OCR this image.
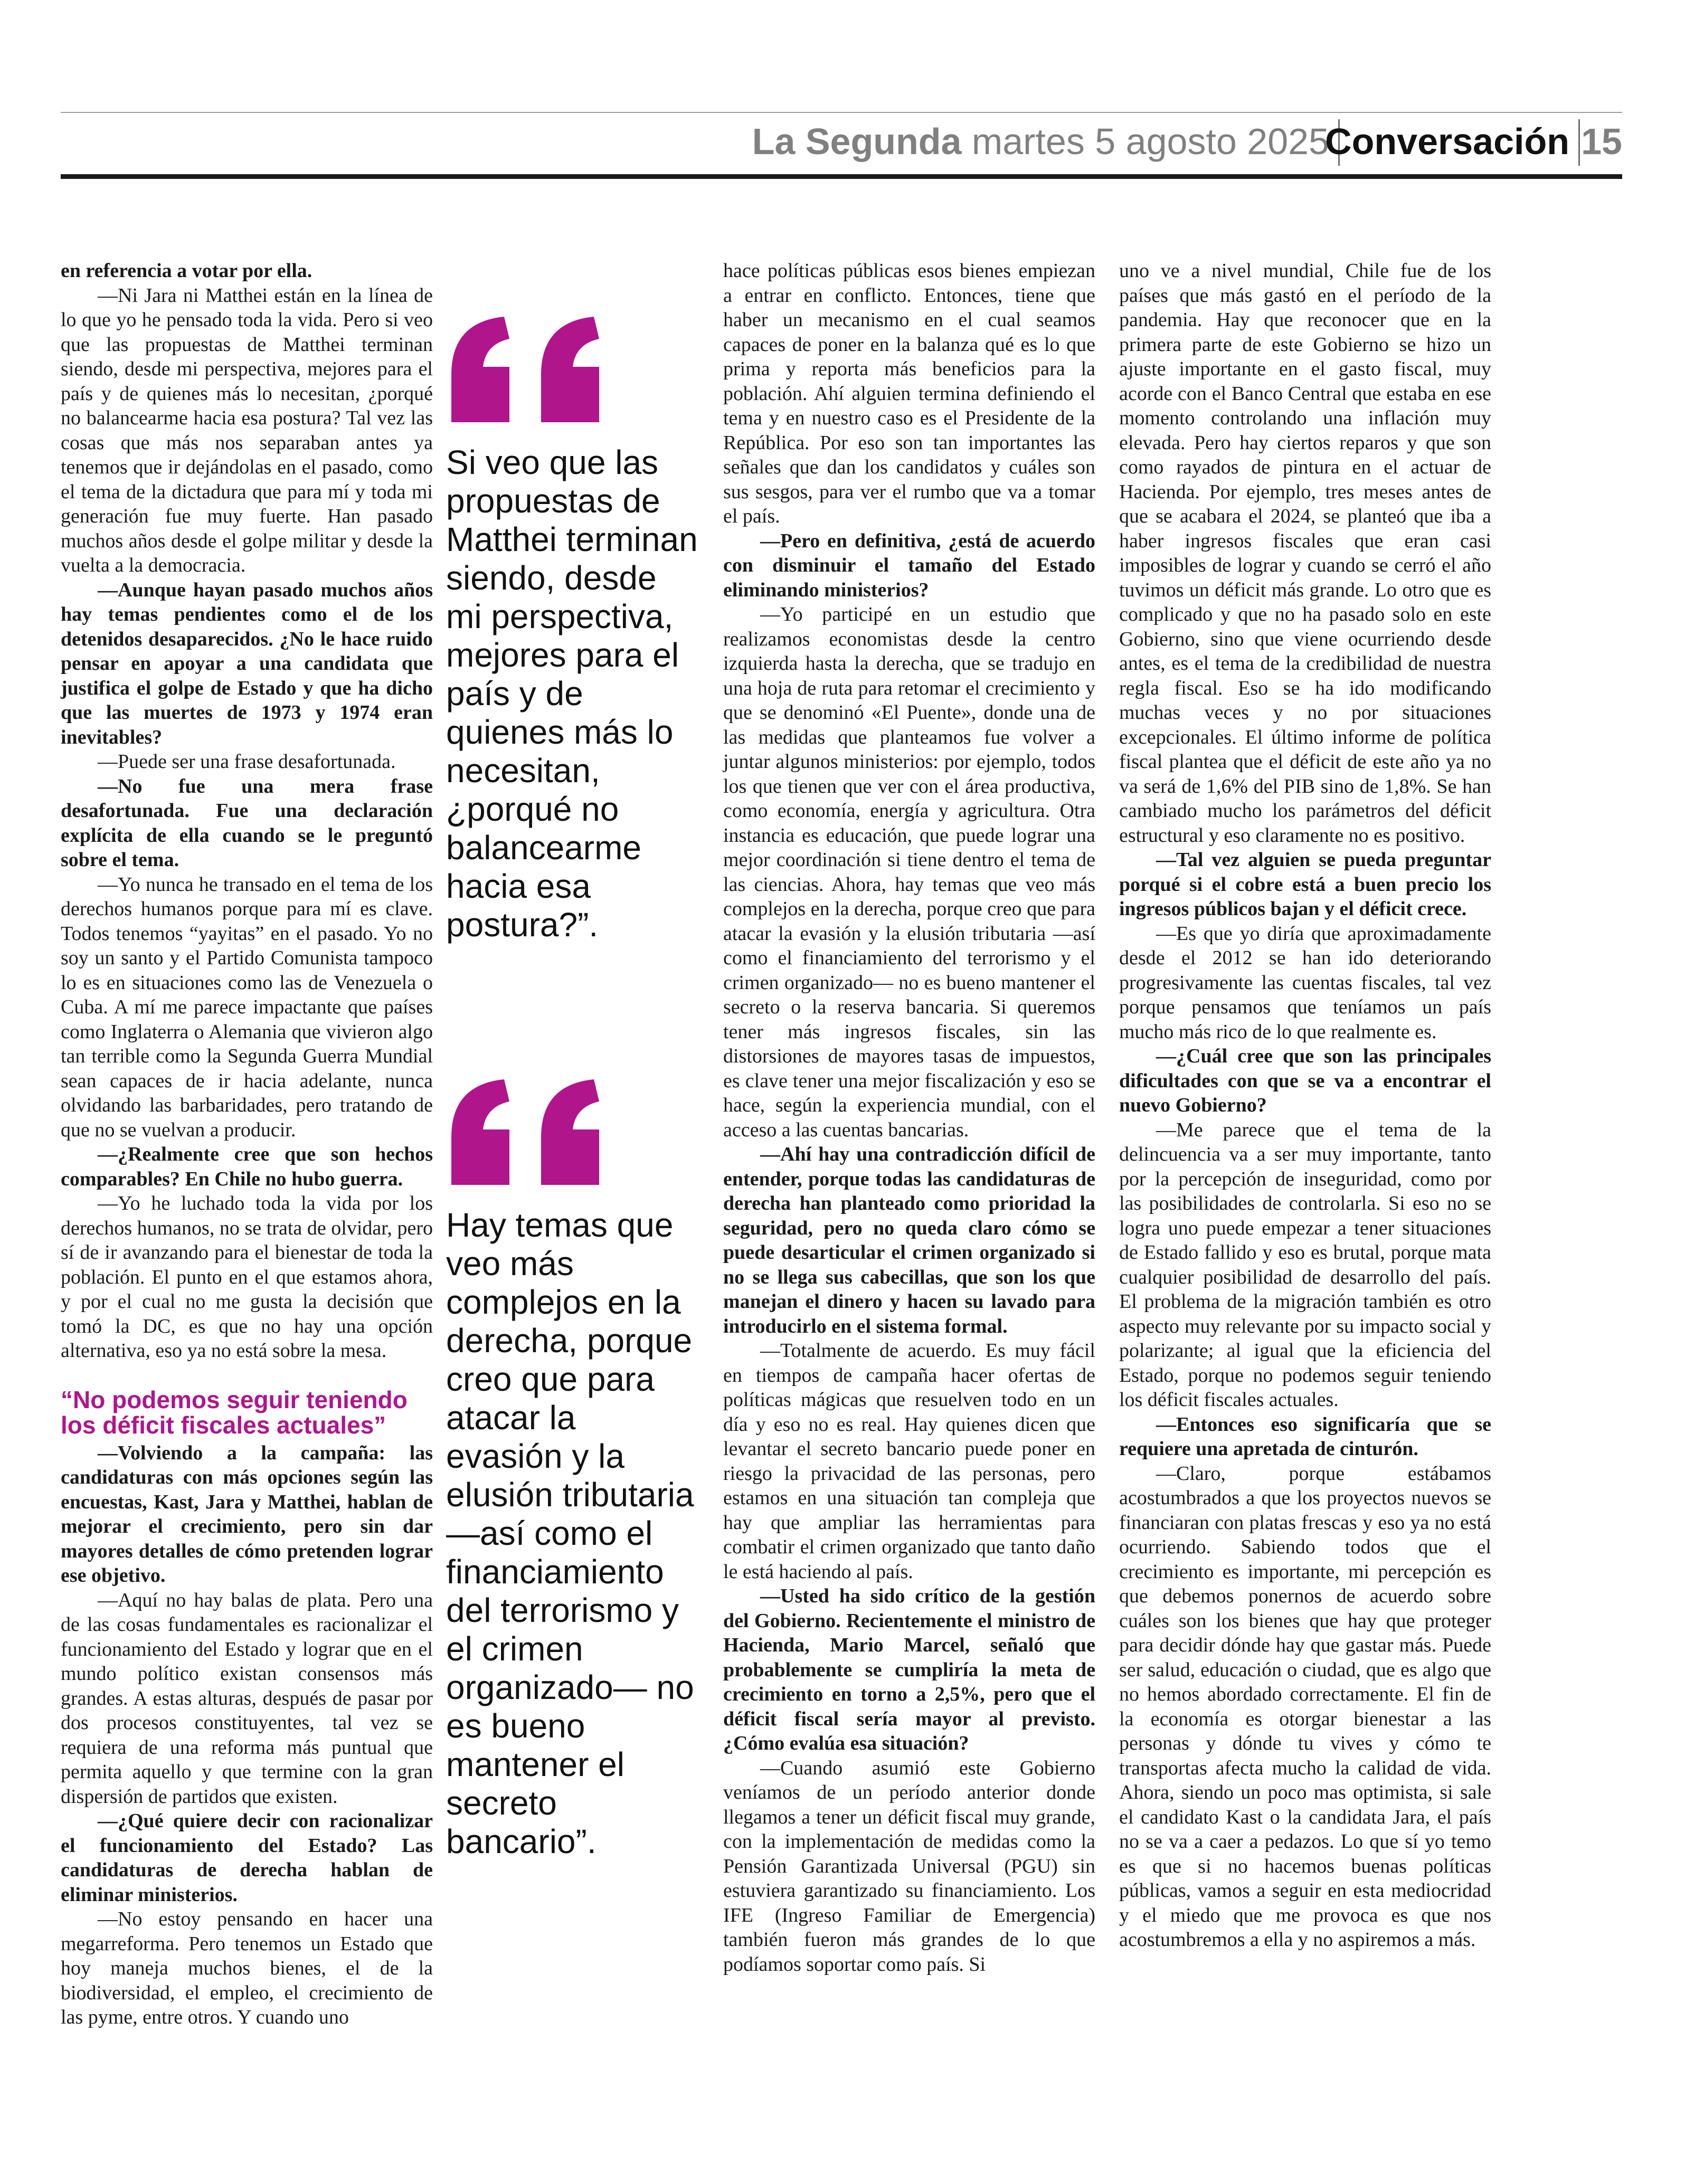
La Segunda martes 5 agosto 2025
Conversación 15

en referencia a votar por ella.

—Ni Jara ni Matthei están en la línea de lo que yo he pensado toda la vida. Pero si veo que las propuestas de Matthei terminan siendo, desde mi perspectiva, mejores para el país y de quienes más lo necesitan, ¿porqué no balancearme hacia esa postura? Tal vez las cosas que más nos separaban antes ya tenemos que ir dejándolas en el pasado, como el tema de la dictadura que para mí y toda mi generación fue muy fuerte. Han pasado muchos años desde el golpe militar y desde la vuelta a la democracia.

—Aunque hayan pasado muchos años hay temas pendientes como el de los detenidos desaparecidos. ¿No le hace ruido pensar en apoyar a una candidata que justifica el golpe de Estado y que ha dicho que las muertes de 1973 y 1974 eran inevitables?

—Puede ser una frase desafortunada.

—No fue una mera frase desafortunada. Fue una declaración explícita de ella cuando se le preguntó sobre el tema.

—Yo nunca he transado en el tema de los derechos humanos porque para mí es clave. Todos tenemos “yayitas” en el pasado. Yo no soy un santo y el Partido Comunista tampoco lo es en situaciones como las de Venezuela o Cuba. A mí me parece impactante que países como Inglaterra o Alemania que vivieron algo tan terrible como la Segunda Guerra Mundial sean capaces de ir hacia adelante, nunca olvidando las barbaridades, pero tratando de que no se vuelvan a producir.

—¿Realmente cree que son hechos comparables? En Chile no hubo guerra.

—Yo he luchado toda la vida por los derechos humanos, no se trata de olvidar, pero sí de ir avanzando para el bienestar de toda la población. El punto en el que estamos ahora, y por el cual no me gusta la decisión que tomó la DC, es que no hay una opción alternativa, eso ya no está sobre la mesa.

“No podemos seguir teniendo los déficit fiscales actuales”

—Volviendo a la campaña: las candidaturas con más opciones según las encuestas, Kast, Jara y Matthei, hablan de mejorar el crecimiento, pero sin dar mayores detalles de cómo pretenden lograr ese objetivo.

—Aquí no hay balas de plata. Pero una de las cosas fundamentales es racionalizar el funcionamiento del Estado y lograr que en el mundo político existan consensos más grandes. A estas alturas, después de pasar por dos procesos constituyentes, tal vez se requiera de una reforma más puntual que permita aquello y que termine con la gran dispersión de partidos que existen.

—¿Qué quiere decir con racionalizar el funcionamiento del Estado? Las candidaturas de derecha hablan de eliminar ministerios.

—No estoy pensando en hacer una megarreforma. Pero tenemos un Estado que hoy maneja muchos bienes, el de la biodiversidad, el empleo, el crecimiento de las pyme, entre otros. Y cuando uno

Si veo que las propuestas de Matthei terminan siendo, desde mi perspectiva, mejores para el país y de quienes más lo necesitan, ¿porqué no balancearme hacia esa postura?”.
Hay temas que veo más complejos en la derecha, porque creo que para atacar la evasión y la elusión tributaria —así como el financiamiento del terrorismo y el crimen organizado— no es bueno mantener el secreto bancario”.

hace políticas públicas esos bienes empiezan a entrar en conflicto. Entonces, tiene que haber un mecanismo en el cual seamos capaces de poner en la balanza qué es lo que prima y reporta más beneficios para la población. Ahí alguien termina definiendo el tema y en nuestro caso es el Presidente de la República. Por eso son tan importantes las señales que dan los candidatos y cuáles son sus sesgos, para ver el rumbo que va a tomar el país.

—Pero en definitiva, ¿está de acuerdo con disminuir el tamaño del Estado eliminando ministerios?

—Yo participé en un estudio que realizamos economistas desde la centro izquierda hasta la derecha, que se tradujo en una hoja de ruta para retomar el crecimiento y que se denominó «El Puente», donde una de las medidas que planteamos fue volver a juntar algunos ministerios: por ejemplo, todos los que tienen que ver con el área productiva, como economía, energía y agricultura. Otra instancia es educación, que puede lograr una mejor coordinación si tiene dentro el tema de las ciencias. Ahora, hay temas que veo más complejos en la derecha, porque creo que para atacar la evasión y la elusión tributaria —así como el financiamiento del terrorismo y el crimen organizado— no es bueno mantener el secreto o la reserva bancaria. Si queremos tener más ingresos fiscales, sin las distorsiones de mayores tasas de impuestos, es clave tener una mejor fiscalización y eso se hace, según la experiencia mundial, con el acceso a las cuentas bancarias.

—Ahí hay una contradicción difícil de entender, porque todas las candidaturas de derecha han planteado como prioridad la seguridad, pero no queda claro cómo se puede desarticular el crimen organizado si no se llega sus cabecillas, que son los que manejan el dinero y hacen su lavado para introducirlo en el sistema formal.

—Totalmente de acuerdo. Es muy fácil en tiempos de campaña hacer ofertas de políticas mágicas que resuelven todo en un día y eso no es real. Hay quienes dicen que levantar el secreto bancario puede poner en riesgo la privacidad de las personas, pero estamos en una situación tan compleja que hay que ampliar las herramientas para combatir el crimen organizado que tanto daño le está haciendo al país.

—Usted ha sido crítico de la gestión del Gobierno. Recientemente el ministro de Hacienda, Mario Marcel, señaló que probablemente se cumpliría la meta de crecimiento en torno a 2,5%, pero que el déficit fiscal sería mayor al previsto. ¿Cómo evalúa esa situación?

—Cuando asumió este Gobierno veníamos de un período anterior donde llegamos a tener un déficit fiscal muy grande, con la implementación de medidas como la Pensión Garantizada Universal (PGU) sin estuviera garantizado su financiamiento. Los IFE (Ingreso Familiar de Emergencia) también fueron más grandes de lo que podíamos soportar como país. Si

uno ve a nivel mundial, Chile fue de los países que más gastó en el período de la pandemia. Hay que reconocer que en la primera parte de este Gobierno se hizo un ajuste importante en el gasto fiscal, muy acorde con el Banco Central que estaba en ese momento controlando una inflación muy elevada. Pero hay ciertos reparos y que son como rayados de pintura en el actuar de Hacienda. Por ejemplo, tres meses antes de que se acabara el 2024, se planteó que iba a haber ingresos fiscales que eran casi imposibles de lograr y cuando se cerró el año tuvimos un déficit más grande. Lo otro que es complicado y que no ha pasado solo en este Gobierno, sino que viene ocurriendo desde antes, es el tema de la credibilidad de nuestra regla fiscal. Eso se ha ido modificando muchas veces y no por situaciones excepcionales. El último informe de política fiscal plantea que el déficit de este año ya no va será de 1,6% del PIB sino de 1,8%. Se han cambiado mucho los parámetros del déficit estructural y eso claramente no es positivo.

—Tal vez alguien se pueda preguntar porqué si el cobre está a buen precio los ingresos públicos bajan y el déficit crece.

—Es que yo diría que aproximadamente desde el 2012 se han ido deteriorando progresivamente las cuentas fiscales, tal vez porque pensamos que teníamos un país mucho más rico de lo que realmente es.

—¿Cuál cree que son las principales dificultades con que se va a encontrar el nuevo Gobierno?

—Me parece que el tema de la delincuencia va a ser muy importante, tanto por la percepción de inseguridad, como por las posibilidades de controlarla. Si eso no se logra uno puede empezar a tener situaciones de Estado fallido y eso es brutal, porque mata cualquier posibilidad de desarrollo del país. El problema de la migración también es otro aspecto muy relevante por su impacto social y polarizante; al igual que la eficiencia del Estado, porque no podemos seguir teniendo los déficit fiscales actuales.

—Entonces eso significaría que se requiere una apretada de cinturón.

—Claro, porque estábamos acostumbrados a que los proyectos nuevos se financiaran con platas frescas y eso ya no está ocurriendo. Sabiendo todos que el crecimiento es importante, mi percepción es que debemos ponernos de acuerdo sobre cuáles son los bienes que hay que proteger para decidir dónde hay que gastar más. Puede ser salud, educación o ciudad, que es algo que no hemos abordado correctamente. El fin de la economía es otorgar bienestar a las personas y dónde tu vives y cómo te transportas afecta mucho la calidad de vida. Ahora, siendo un poco mas optimista, si sale el candidato Kast o la candidata Jara, el país no se va a caer a pedazos. Lo que sí yo temo es que si no hacemos buenas políticas públicas, vamos a seguir en esta mediocridad y el miedo que me provoca es que nos acostumbremos a ella y no aspiremos a más.
